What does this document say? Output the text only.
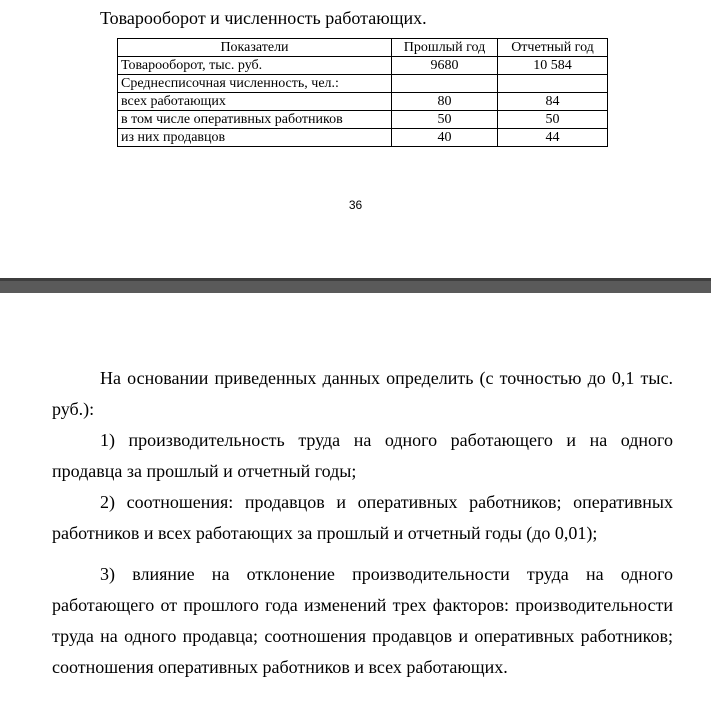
Товарооборот и численность работающих.
Показатели	Прошлый год	Отчетный год
Товарооборот, тыс. руб.	9680	10 584
Среднесписочная численность, чел.:		
всех работающих	80	84
в том числе оперативных работников	50	50
из них продавцов	40	44
36
На основании приведенных данных определить (с точностью до 0,1 тыс. руб.):
1) производительность труда на одного работающего и на одного продавца за прошлый и отчетный годы;
2) соотношения: продавцов и оперативных работников; оперативных работников и всех работающих за прошлый и отчетный годы (до 0,01);
3) влияние на отклонение производительности труда на одного работающего от прошлого года изменений трех факторов: производительности труда на одного продавца; соотношения продавцов и оперативных работников; соотношения оперативных работников и всех работающих.
